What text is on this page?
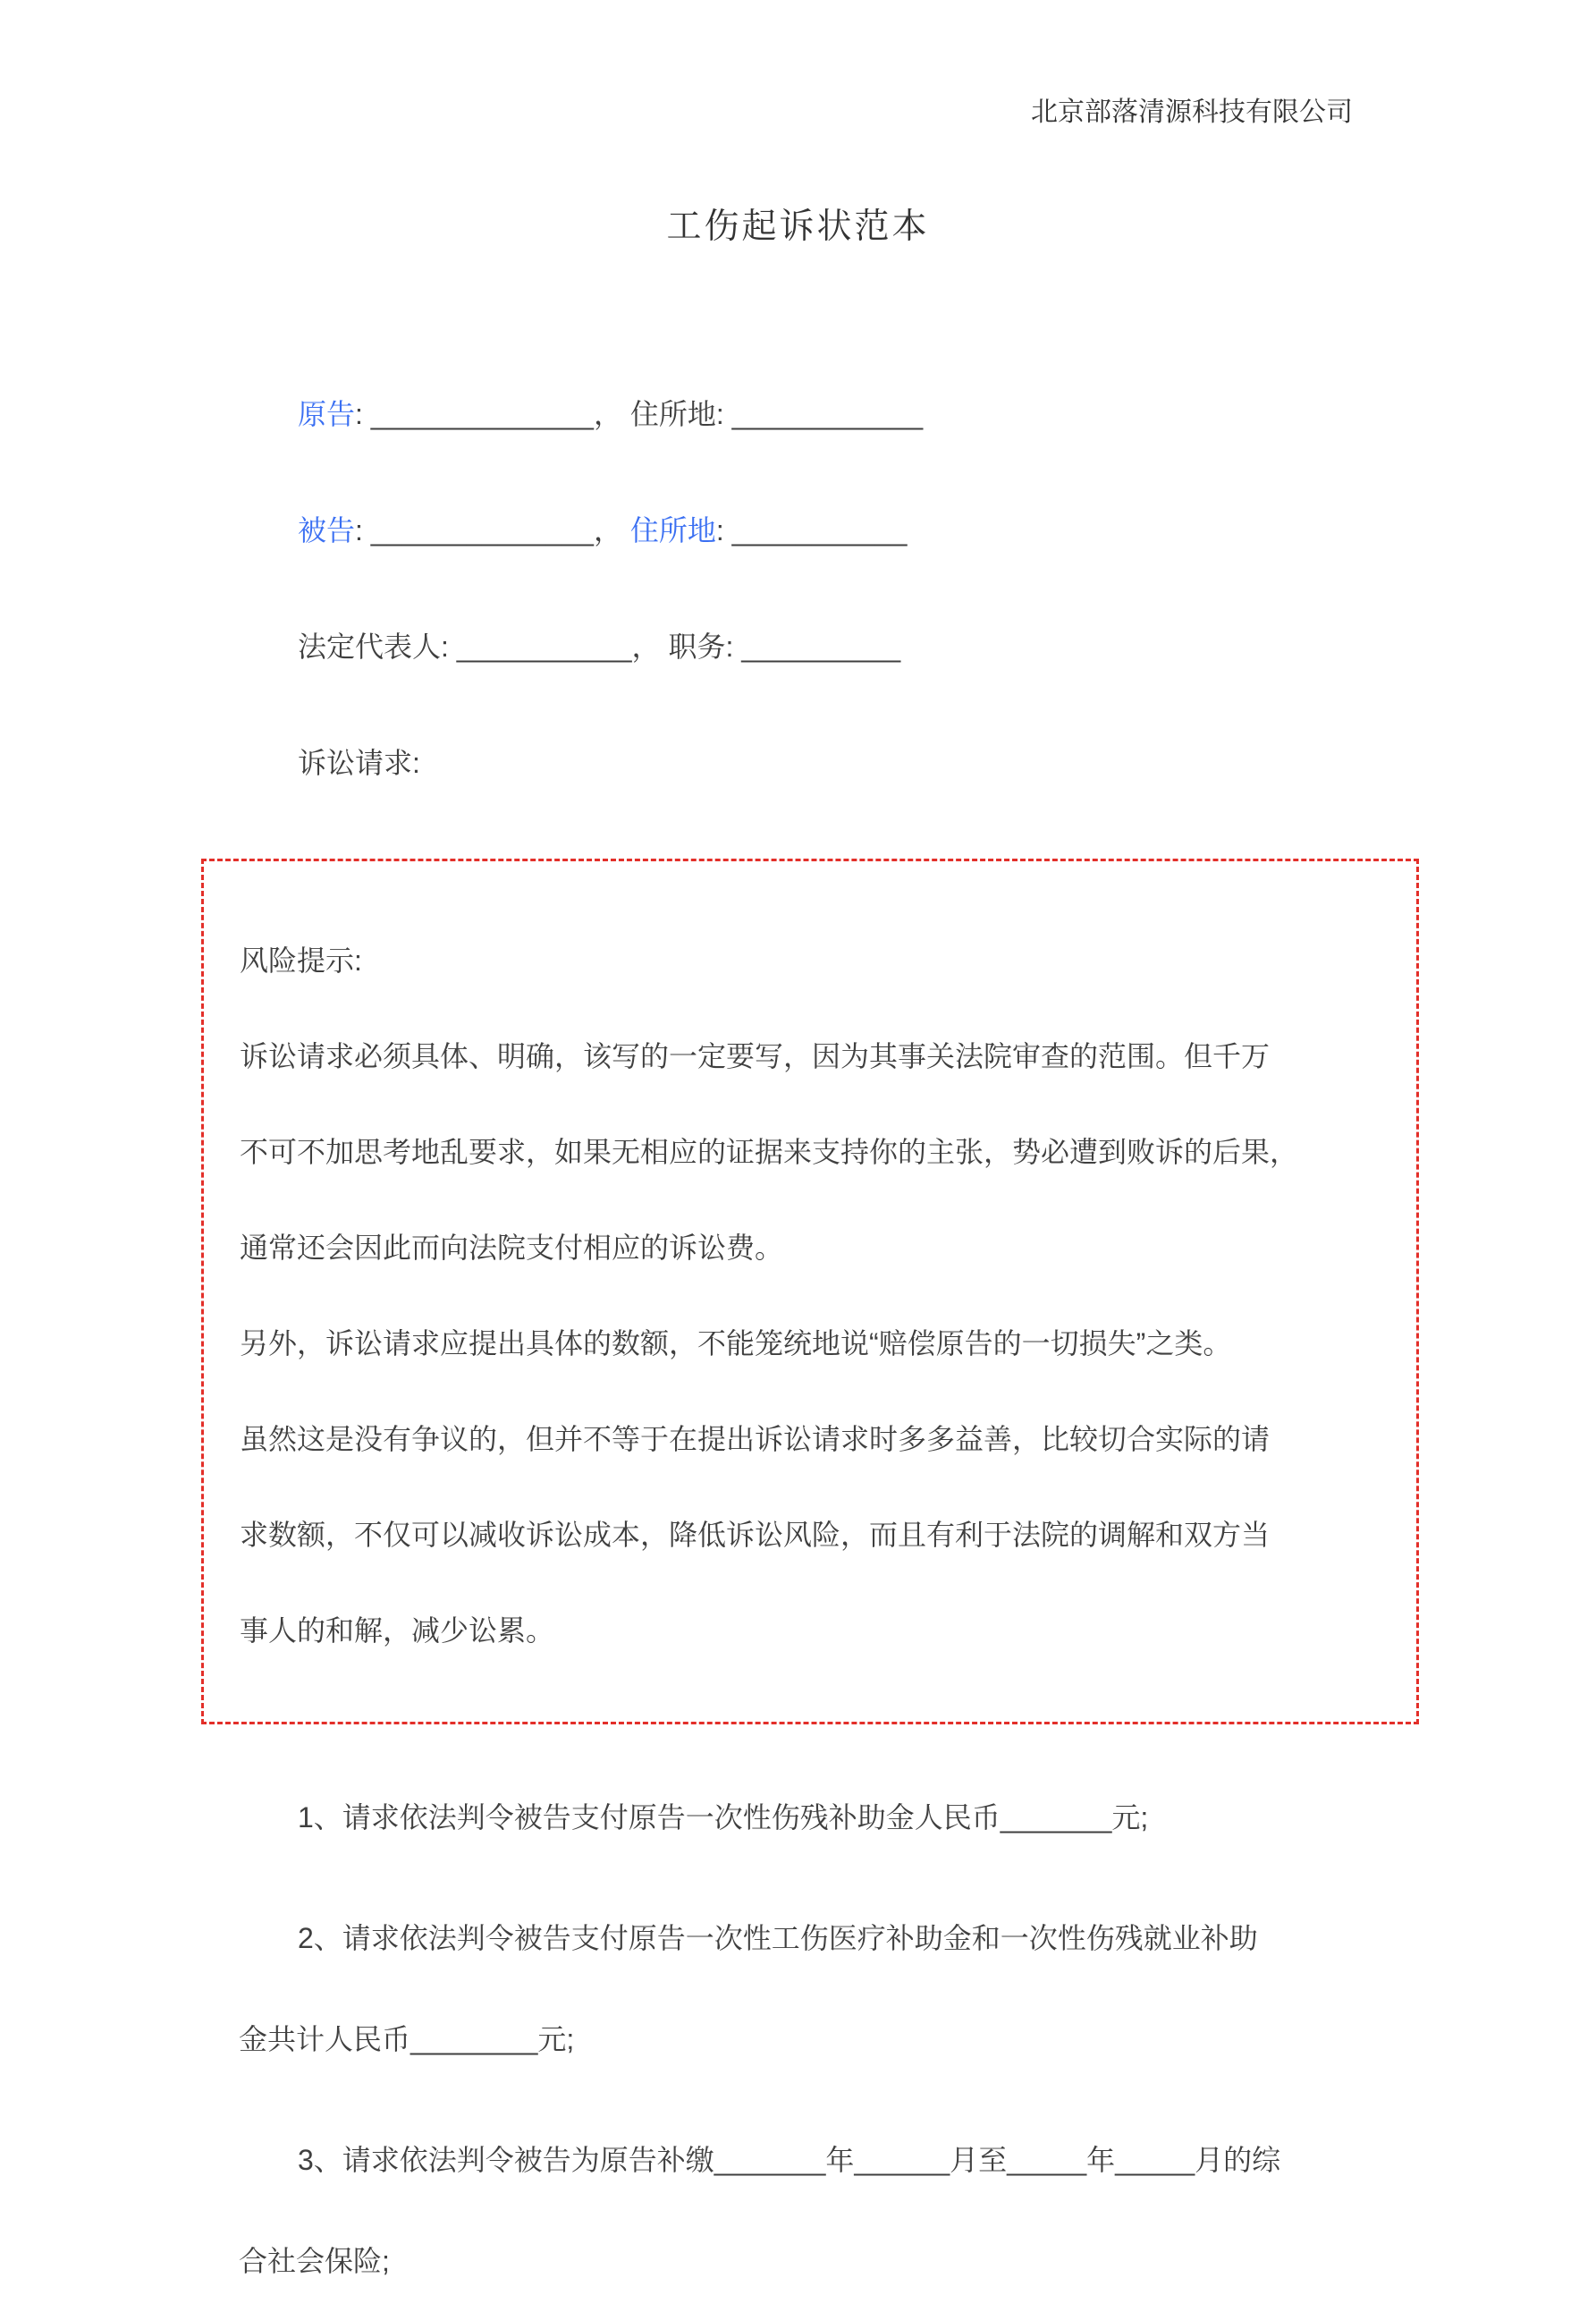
北京部落清源科技有限公司
工伤起诉状范本

原告: ______________， 住所地: ____________

被告: ______________， 住所地: ___________

法定代表人: ___________， 职务: __________

诉讼请求:

风险提示:

诉讼请求必须具体、明确，该写的一定要写，因为其事关法院审查的范围。但千万

不可不加思考地乱要求，如果无相应的证据来支持你的主张，势必遭到败诉的后果，

通常还会因此而向法院支付相应的诉讼费。

另外，诉讼请求应提出具体的数额，不能笼统地说“赔偿原告的一切损失”之类。

虽然这是没有争议的，但并不等于在提出诉讼请求时多多益善，比较切合实际的请

求数额，不仅可以减收诉讼成本，降低诉讼风险，而且有利于法院的调解和双方当

事人的和解，减少讼累。

1、请求依法判令被告支付原告一次性伤残补助金人民币_______元;

2、请求依法判令被告支付原告一次性工伤医疗补助金和一次性伤残就业补助

金共计人民币________元;

3、请求依法判令被告为原告补缴_______年______月至_____年_____月的综

合社会保险;
